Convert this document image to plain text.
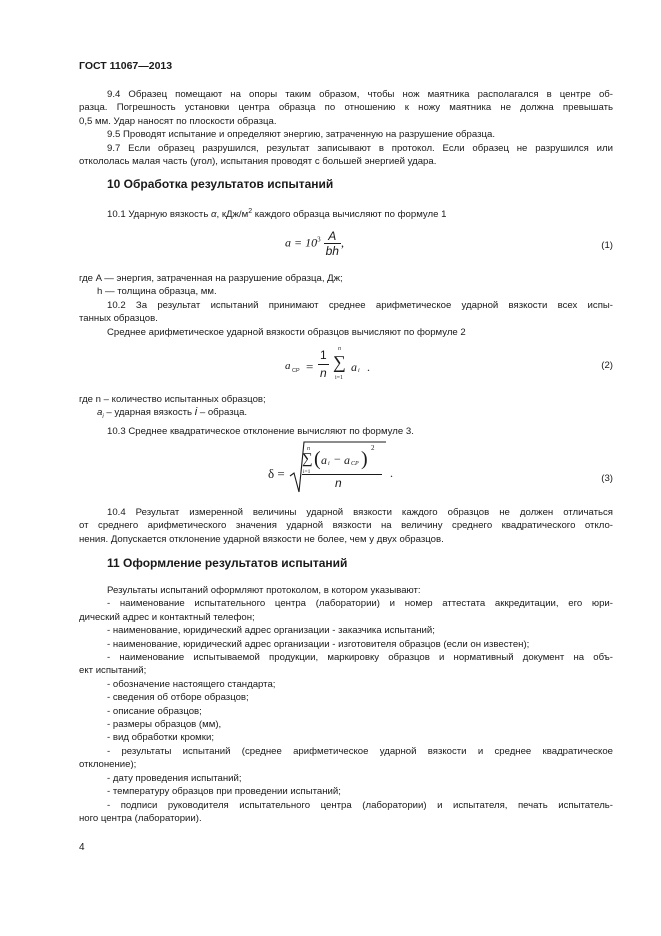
ГОСТ 11067—2013

9.4 Образец помещают на опоры таким образом, чтобы нож маятника располагался в центре об-

разца. Погрешность установки центра образца по отношению к ножу маятника не должна превышать

0,5 мм. Удар наносят по плоскости образца.

9.5 Проводят испытание и определяют энергию, затраченную на разрушение образца.

9.7 Если образец разрушился, результат записывают в протокол. Если образец не разрушился или

откололась малая часть (угол), испытания проводят с большей энергией удара.

10 Обработка результатов испытаний

10.1 Ударную вязкость α, кДж/$м^2$ каждого образца вычисляют по формуле 1

$a = 10^3 \frac{A}{bh}$ ,	(1)

где A — энергия, затраченная на разрушение образца, Дж;

h — толщина образца, мм.

10.2 За результат испытаний принимают среднее арифметическое ударной вязкости всех испы-

танных образцов.

Среднее арифметическое ударной вязкости образцов вычисляют по формуле 2

a СР =
1
n
n
∑
i=1
a i .	(2)

где n – количество испытанных образцов;

$a_i$ – ударная вязкость i – образца.

10.3 Среднее квадратическое отклонение вычисляют по формуле 3.

δ =
n
∑
i=1
( a i − a CP ) 2
n
.	(3)

10.4 Результат измеренной величины ударной вязкости каждого образцов не должен отличаться

от среднего арифметического значения ударной вязкости на величину среднего квадратического откло-

нения. Допускается отклонение ударной вязкости не более, чем у двух образцов.

11 Оформление результатов испытаний

Результаты испытаний оформляют протоколом, в котором указывают:

- наименование испытательного центра (лаборатории) и номер аттестата аккредитации, его юри-

дический адрес и контактный телефон;

- наименование, юридический адрес организации - заказчика испытаний;

- наименование, юридический адрес организации - изготовителя образцов (если он известен);

- наименование испытываемой продукции, маркировку образцов и нормативный документ на объ-

ект испытаний;

- обозначение настоящего стандарта;

- сведения об отборе образцов;

- описание образцов;

- размеры образцов (мм),

- вид обработки кромки;

- результаты испытаний (среднее арифметическое ударной вязкости и среднее квадратическое

отклонение);

- дату проведения испытаний;

- температуру образцов при проведении испытаний;

- подписи руководителя испытательного центра (лаборатории) и испытателя, печать испытатель-

ного центра (лаборатории).

4
